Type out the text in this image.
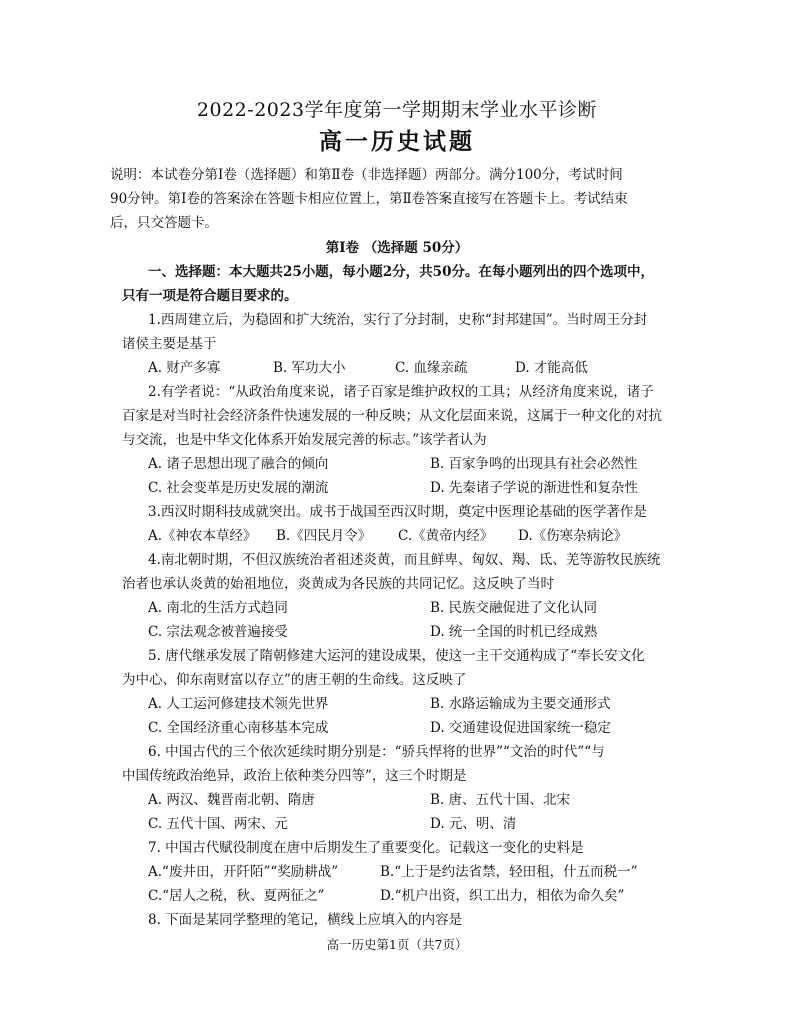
2022-2023学年度第一学期期末学业水平诊断
高一历史试题
说明：本试卷分第Ⅰ卷（选择题）和第Ⅱ卷（非选择题）两部分。满分100分，考试时间
90分钟。第Ⅰ卷的答案涂在答题卡相应位置上，第Ⅱ卷答案直接写在答题卡上。考试结束
后，只交答题卡。
第Ⅰ卷 （选择题 50分）
一、选择题：本大题共25小题，每小题2分，共50分。在每小题列出的四个选项中，
只有一项是符合题目要求的。
1.西周建立后，为稳固和扩大统治，实行了分封制，史称“封邦建国”。当时周王分封
诸侯主要是基于
A. 财产多寡	B. 军功大小	C. 血缘亲疏	D. 才能高低
2.有学者说：“从政治角度来说，诸子百家是维护政权的工具；从经济角度来说，诸子
百家是对当时社会经济条件快速发展的一种反映；从文化层面来说，这属于一种文化的对抗
与交流，也是中华文化体系开始发展完善的标志。”该学者认为
A. 诸子思想出现了融合的倾向	B. 百家争鸣的出现具有社会必然性
C. 社会变革是历史发展的潮流	D. 先秦诸子学说的渐进性和复杂性
3.西汉时期科技成就突出。成书于战国至西汉时期，奠定中医理论基础的医学著作是
A.《神农本草经》 B.《四民月令》 C.《黄帝内经》 D.《伤寒杂病论》
4.南北朝时期，不但汉族统治者祖述炎黄，而且鲜卑、匈奴、羯、氐、羌等游牧民族统
治者也承认炎黄的始祖地位，炎黄成为各民族的共同记忆。这反映了当时
A. 南北的生活方式趋同	B. 民族交融促进了文化认同
C. 宗法观念被普遍接受	D. 统一全国的时机已经成熟
5. 唐代继承发展了隋朝修建大运河的建设成果，使这一主干交通构成了“奉长安文化
为中心、仰东南财富以存立”的唐王朝的生命线。这反映了
A. 人工运河修建技术领先世界	B. 水路运输成为主要交通形式
C. 全国经济重心南移基本完成	D. 交通建设促进国家统一稳定
6. 中国古代的三个依次延续时期分别是：“骄兵悍将的世界”“文治的时代”“与
中国传统政治绝异，政治上依种类分四等”，这三个时期是
A. 两汉、魏晋南北朝、隋唐	B. 唐、五代十国、北宋
C. 五代十国、两宋、元	D. 元、明、清
7. 中国古代赋役制度在唐中后期发生了重要变化。记载这一变化的史料是
A.“废井田，开阡陌”“奖励耕战”	B.“上于是约法省禁，轻田租，什五而税一”
C.“居人之税，秋、夏两征之”	D.“机户出资，织工出力，相依为命久矣”
8. 下面是某同学整理的笔记，横线上应填入的内容是
高一历史第1页（共7页）
